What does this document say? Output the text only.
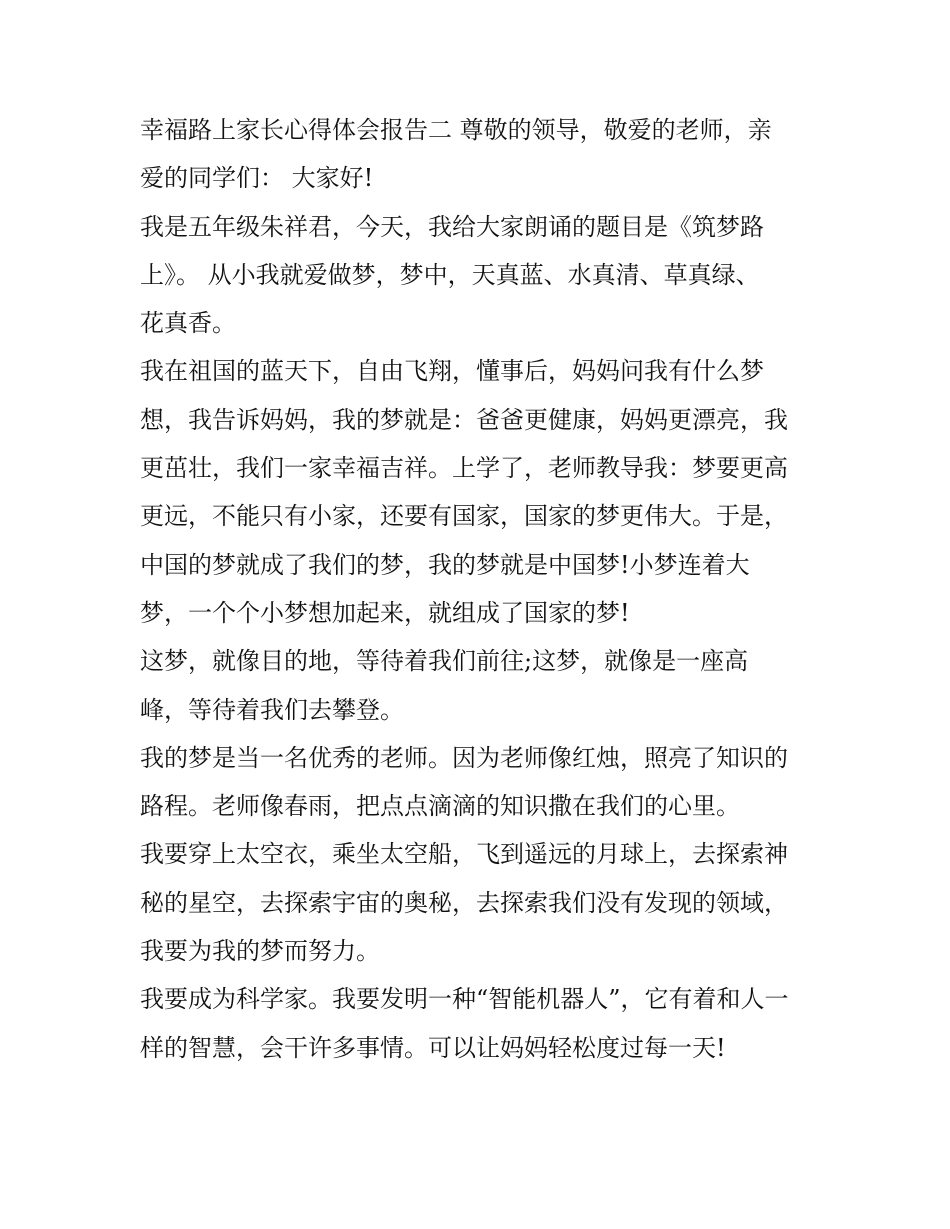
幸福路上家长心得体会报告二 尊敬的领导，敬爱的老师，亲
爱的同学们： 大家好!
我是五年级朱祥君，今天，我给大家朗诵的题目是《筑梦路
上》。 从小我就爱做梦，梦中，天真蓝、水真清、草真绿、
花真香。
我在祖国的蓝天下，自由飞翔，懂事后，妈妈问我有什么梦
想，我告诉妈妈，我的梦就是：爸爸更健康，妈妈更漂亮，我
更茁壮，我们一家幸福吉祥。上学了，老师教导我：梦要更高
更远，不能只有小家，还要有国家，国家的梦更伟大。于是，
中国的梦就成了我们的梦，我的梦就是中国梦!小梦连着大
梦，一个个小梦想加起来，就组成了国家的梦!
这梦，就像目的地，等待着我们前往;这梦，就像是一座高
峰，等待着我们去攀登。
我的梦是当一名优秀的老师。因为老师像红烛，照亮了知识的
路程。老师像春雨，把点点滴滴的知识撒在我们的心里。
我要穿上太空衣，乘坐太空船，飞到遥远的月球上，去探索神
秘的星空，去探索宇宙的奥秘，去探索我们没有发现的领域，
我要为我的梦而努力。
我要成为科学家。我要发明一种“智能机器人”，它有着和人一
样的智慧，会干许多事情。可以让妈妈轻松度过每一天!
